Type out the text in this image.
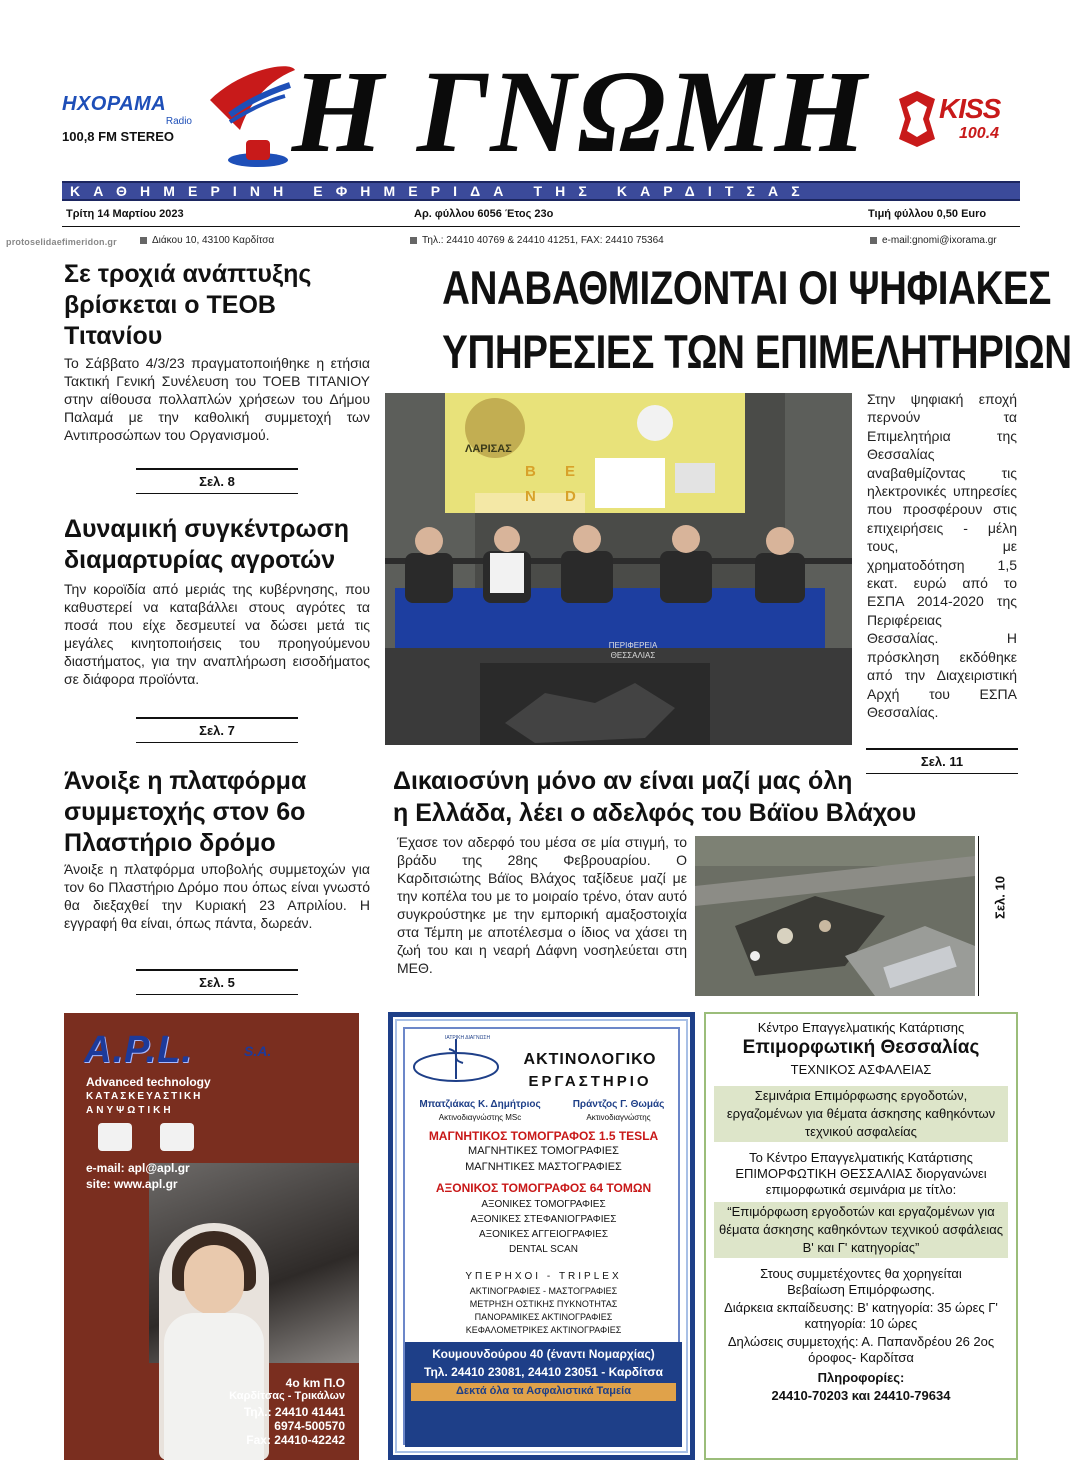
ΗΧΟΡΑΜΑ
Radio
100,8 FM STEREO Η ΓΝΩΜΗ	KISS
100.4
ΚΑΘΗΜΕΡΙΝΗ ΕΦΗΜΕΡΙΔΑ ΤΗΣ ΚΑΡΔΙΤΣΑΣ
Τρίτη 14 Μαρτίου 2023	Αρ. φύλλου 6056 Έτος 23ο	Τιμή φύλλου 0,50 Euro
protoselidaefimeridon.gr	Διάκου 10, 43100 Καρδίτσα	Τηλ.: 24410 40769 & 24410 41251, FAX: 24410 75364	e-mail:gnomi@ixorama.gr
Σε τροχιά ανάπτυξης βρίσκεται ο ΤΕΟΒ Τιτανίου
Το Σάββατο 4/3/23 πραγματοποιήθηκε η ετήσια Τακτική Γενική Συνέλευση του ΤΟΕΒ ΤΙΤΑΝΙΟΥ στην αίθουσα πολλαπλών χρήσεων του Δήμου Παλαμά με την καθολική συμμετοχή των Αντιπροσώπων του Οργανισμού.
Σελ. 8
Δυναμική συγκέντρωση διαμαρτυρίας αγροτών
Την κοροϊδία από μεριάς της κυβέρνησης, που καθυστερεί να καταβάλλει στους αγρότες τα ποσά που είχε δεσμευτεί να δώσει μετά τις μεγάλες κινητοποιήσεις του προηγούμενου διαστήματος, για την αναπλήρωση εισοδήματος σε διάφορα προϊόντα.
Σελ. 7
Άνοιξε η πλατφόρμα συμμετοχής στον 6ο Πλαστήριο δρόμο
Άνοιξε η πλατφόρμα υποβολής συμμετοχών για τον 6ο Πλαστήριο Δρόμο που όπως είναι γνωστό θα διεξαχθεί την Κυριακή 23 Απριλίου. Η εγγραφή θα είναι, όπως πάντα, δωρεάν.
Σελ. 5
ΑΝΑΒΑΘΜΙΖΟΝΤΑΙ ΟΙ ΨΗΦΙΑΚΕΣ
ΥΠΗΡΕΣΙΕΣ ΤΩΝ ΕΠΙΜΕΛΗΤΗΡΙΩΝ
ΠΕΡΙΦΕΡΕΙΑ ΘΕΣΣΑΛΙΑΣ
ΛΑΡΙΣΑΣ
B E
N D
Στην ψηφιακή εποχή περνούν τα Επιμελητήρια της Θεσσαλίας αναβαθμίζοντας τις ηλεκτρονικές υπηρεσίες που προσφέρουν στις επιχειρήσεις - μέλη τους, με χρηματοδότηση 1,5 εκατ. ευρώ από το ΕΣΠΑ 2014-2020 της Περιφέρειας Θεσσαλίας. Η πρόσκληση εκδόθηκε από την Διαχειριστική Αρχή του ΕΣΠΑ Θεσσαλίας.
Σελ. 11
Δικαιοσύνη μόνο αν είναι μαζί μας όλη
η Ελλάδα, λέει ο αδελφός του Βάϊου Βλάχου
Έχασε τον αδερφό του μέσα σε μία στιγμή, το βράδυ της 28ης Φεβρουαρίου. Ο Καρδιτσιώτης Βάϊος Βλάχος ταξίδευε μαζί με την κοπέλα του με το μοιραίο τρένο, όταν αυτό συγκρούστηκε με την εμπορική αμαξοστοιχία στα Τέμπη με αποτέλεσμα ο ίδιος να χάσει τη ζωή του και η νεαρή Δάφνη νοσηλεύεται στη ΜΕΘ.
Σελ. 10
A.P.L.	S.A.
Advanced technology
ΚΑΤΑΣΚΕΥΑΣΤΙΚΗ
ΑΝΥΨΩΤΙΚΗ
e-mail: apl@apl.gr
site: www.apl.gr
4o km Π.Ο
Καρδίτσας - Τρικάλων
Τηλ.: 24410 41441
6974-500570
Fax: 24410-42242
ΙΑΤΡΙΚΗ ΔΙΑΓΝΩΣΗ
ΑΚΤΙΝΟΛΟΓΙΚΟ
ΕΡΓΑΣΤΗΡΙΟ
Μπατζιάκας Κ. Δημήτριος
Ακτινοδιαγνώστης MSc
Πράντζος Γ. Θωμάς
Ακτινοδιαγνώστης
ΜΑΓΝΗΤΙΚΟΣ ΤΟΜΟΓΡΑΦΟΣ 1.5 TESLA
ΜΑΓΝΗΤΙΚΕΣ ΤΟΜΟΓΡΑΦΙΕΣ
ΜΑΓΝΗΤΙΚΕΣ ΜΑΣΤΟΓΡΑΦΙΕΣ
ΑΞΟΝΙΚΟΣ ΤΟΜΟΓΡΑΦΟΣ 64 ΤΟΜΩΝ
ΑΞΟΝΙΚΕΣ ΤΟΜΟΓΡΑΦΙΕΣ
ΑΞΟΝΙΚΕΣ ΣΤΕΦΑΝΙΟΓΡΑΦΙΕΣ
ΑΞΟΝΙΚΕΣ ΑΓΓΕΙΟΓΡΑΦΙΕΣ
DENTAL SCAN
ΥΠΕΡΗΧΟΙ - TRIPLEX
ΑΚΤΙΝΟΓΡΑΦΙΕΣ - ΜΑΣΤΟΓΡΑΦΙΕΣ
ΜΕΤΡΗΣΗ ΟΣΤΙΚΗΣ ΠΥΚΝΟΤΗΤΑΣ
ΠΑΝΟΡΑΜΙΚΕΣ ΑΚΤΙΝΟΓΡΑΦΙΕΣ
ΚΕΦΑΛΟΜΕΤΡΙΚΕΣ ΑΚΤΙΝΟΓΡΑΦΙΕΣ
Κουμουνδούρου 40 (έναντι Νομαρχίας)
Τηλ. 24410 23081, 24410 23051 - Καρδίτσα
Δεκτά όλα τα Ασφαλιστικά Ταμεία
Κέντρο Επαγγελματικής Κατάρτισης
Επιμορφωτική Θεσσαλίας
ΤΕΧΝΙΚΟΣ ΑΣΦΑΛΕΙΑΣ
Σεμινάρια Επιμόρφωσης εργοδοτών, εργαζομένων για θέματα άσκησης καθηκόντων τεχνικού ασφαλείας
Το Κέντρο Επαγγελματικής Κατάρτισης ΕΠΙΜΟΡΦΩΤΙΚΗ ΘΕΣΣΑΛΙΑΣ διοργανώνει επιμορφωτικά σεμινάρια με τίτλο:
“Επιμόρφωση εργοδοτών και εργαζομένων για θέματα άσκησης καθηκόντων τεχνικού ασφάλειας Β' και Γ' κατηγορίας”
Στους συμμετέχοντες θα χορηγείται Βεβαίωση Επιμόρφωσης.
Διάρκεια εκπαίδευσης: Β' κατηγορία: 35 ώρες Γ' κατηγορία: 10 ώρες
Δηλώσεις συμμετοχής: Α. Παπανδρέου 26 2ος όροφος- Καρδίτσα
Πληροφορίες:
24410-70203 και 24410-79634
